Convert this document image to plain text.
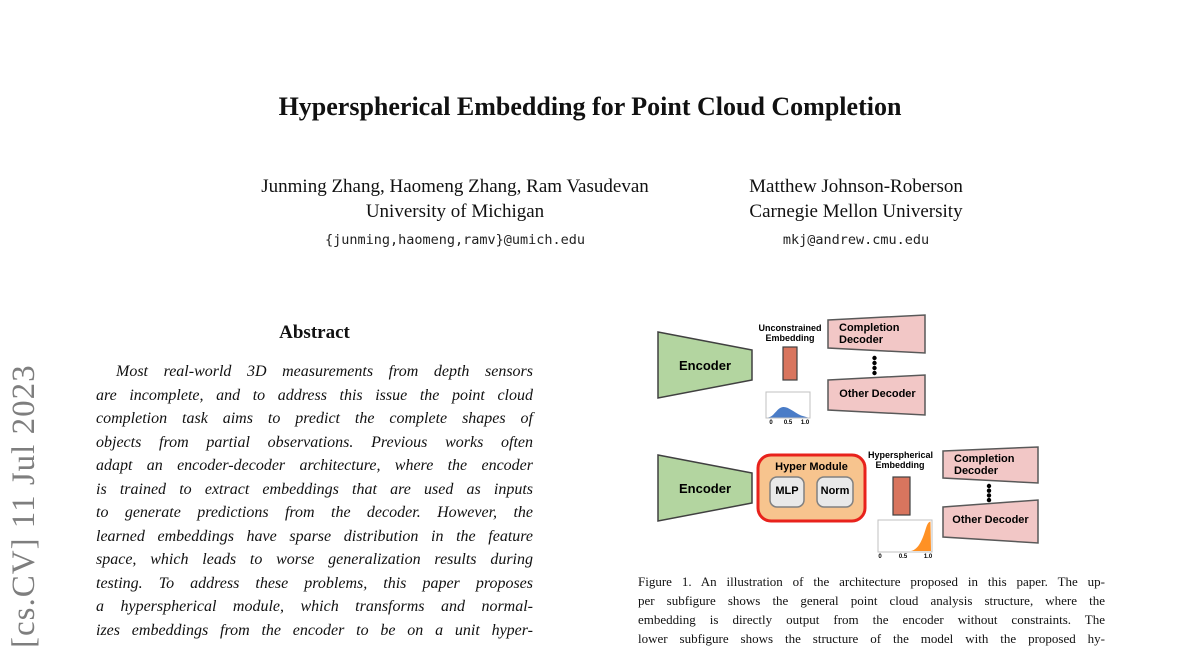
[cs.CV] 11 Jul 2023
Hyperspherical Embedding for Point Cloud Completion
Junming Zhang, Haomeng Zhang, Ram Vasudevan
University of Michigan
{junming,haomeng,ramv}@umich.edu
Matthew Johnson-Roberson
Carnegie Mellon University
mkj@andrew.cmu.edu
Abstract
Most real-world 3D measurements from depth sensors
are incomplete, and to address this issue the point cloud
completion task aims to predict the complete shapes of
objects from partial observations. Previous works often
adapt an encoder-decoder architecture, where the encoder
is trained to extract embeddings that are used as inputs
to generate predictions from the decoder. However, the
learned embeddings have sparse distribution in the feature
space, which leads to worse generalization results during
testing. To address these problems, this paper proposes
a hyperspherical module, which transforms and normal-
izes embeddings from the encoder to be on a unit hyper-
Encoder
Unconstrained
Embedding
Completion Decoder
Other Decoder
0	0.5	1.0
Encoder
Hyper Module
MLP	Norm
Hyperspherical
Embedding	Completion Decoder
Other Decoder
0	0.5	1.0
Figure 1. An illustration of the architecture proposed in this paper. The up-
per subfigure shows the general point cloud analysis structure, where the
embedding is directly output from the encoder without constraints. The
lower subfigure shows the structure of the model with the proposed hy-
